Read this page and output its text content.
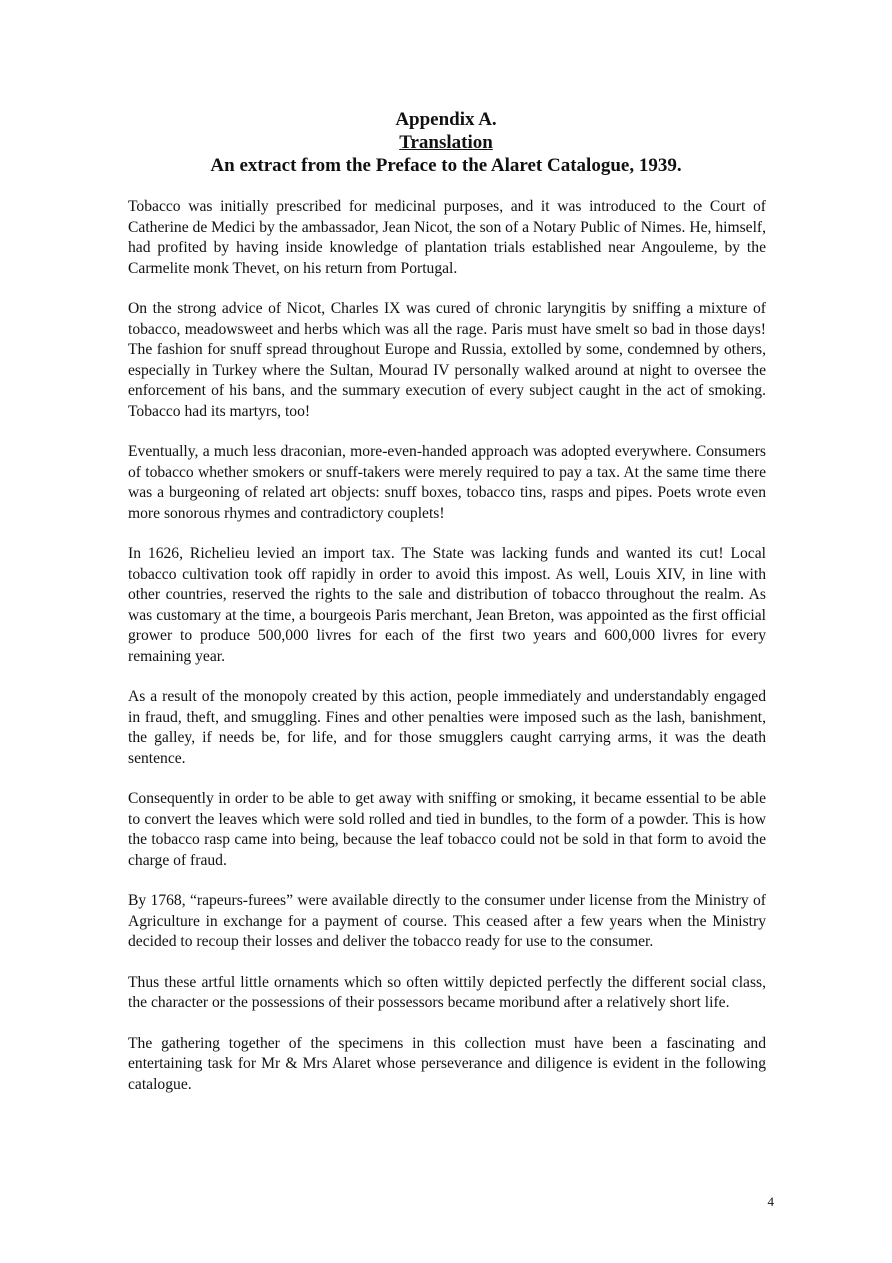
Appendix A.
Translation
An extract from the Preface to the Alaret Catalogue, 1939.

Tobacco was initially prescribed for medicinal purposes, and it was introduced to the Court of Catherine de Medici by the ambassador, Jean Nicot, the son of a Notary Public of Nimes. He, himself, had profited by having inside knowledge of plantation trials established near Angouleme, by the Carmelite monk Thevet, on his return from Portugal.

On the strong advice of Nicot, Charles IX was cured of chronic laryngitis by sniffing a mixture of tobacco, meadowsweet and herbs which was all the rage. Paris must have smelt so bad in those days! The fashion for snuff spread throughout Europe and Russia, extolled by some, condemned by others, especially in Turkey where the Sultan, Mourad IV personally walked around at night to oversee the enforcement of his bans, and the summary execution of every subject caught in the act of smoking. Tobacco had its martyrs, too!

Eventually, a much less draconian, more-even-handed approach was adopted everywhere. Consumers of tobacco whether smokers or snuff-takers were merely required to pay a tax. At the same time there was a burgeoning of related art objects: snuff boxes, tobacco tins, rasps and pipes. Poets wrote even more sonorous rhymes and contradictory couplets!

In 1626, Richelieu levied an import tax. The State was lacking funds and wanted its cut! Local tobacco cultivation took off rapidly in order to avoid this impost. As well, Louis XIV, in line with other countries, reserved the rights to the sale and distribution of tobacco throughout the realm. As was customary at the time, a bourgeois Paris merchant, Jean Breton, was appointed as the first official grower to produce 500,000 livres for each of the first two years and 600,000 livres for every remaining year.

As a result of the monopoly created by this action, people immediately and understandably engaged in fraud, theft, and smuggling. Fines and other penalties were imposed such as the lash, banishment, the galley, if needs be, for life, and for those smugglers caught carrying arms, it was the death sentence.

Consequently in order to be able to get away with sniffing or smoking, it became essential to be able to convert the leaves which were sold rolled and tied in bundles, to the form of a powder. This is how the tobacco rasp came into being, because the leaf tobacco could not be sold in that form to avoid the charge of fraud.

By 1768, “rapeurs-furees” were available directly to the consumer under license from the Ministry of Agriculture in exchange for a payment of course. This ceased after a few years when the Ministry decided to recoup their losses and deliver the tobacco ready for use to the consumer.

Thus these artful little ornaments which so often wittily depicted perfectly the different social class, the character or the possessions of their possessors became moribund after a relatively short life.

The gathering together of the specimens in this collection must have been a fascinating and entertaining task for Mr & Mrs Alaret whose perseverance and diligence is evident in the following catalogue.

4
